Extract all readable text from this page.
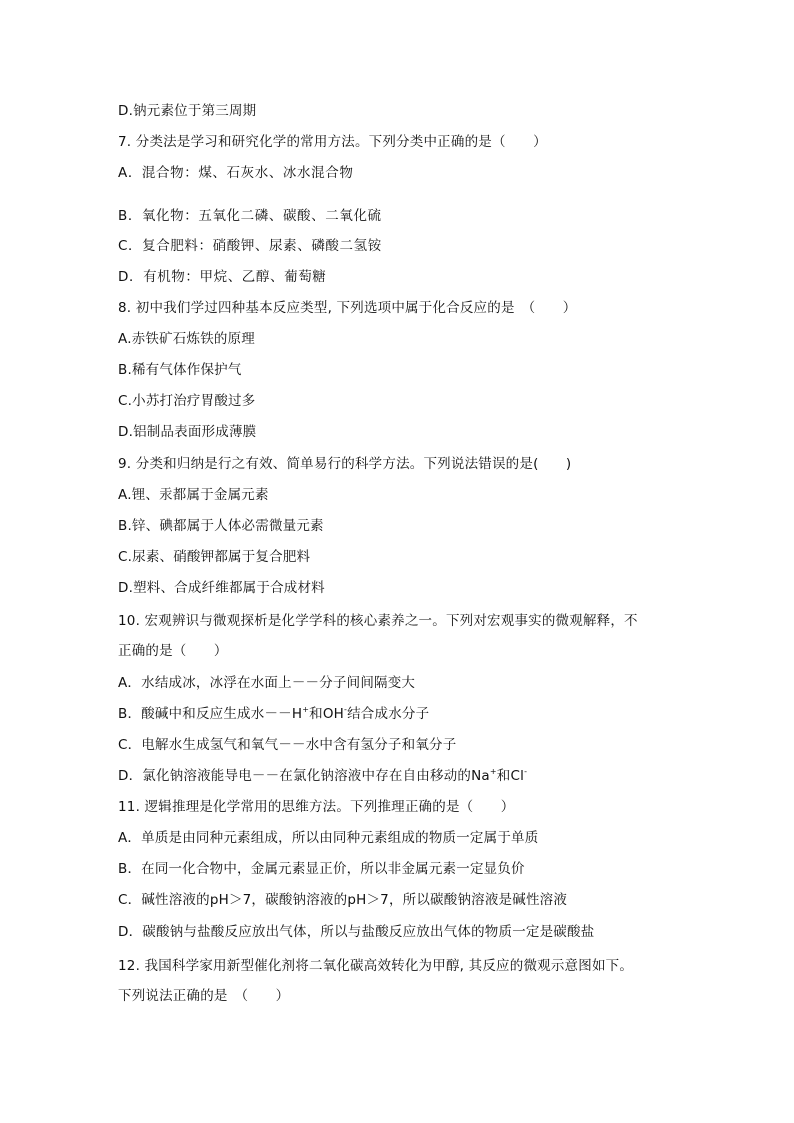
D.钠元素位于第三周期
7. 分类法是学习和研究化学的常用方法。下列分类中正确的是（　　）
A．混合物：煤、石灰水、冰水混合物
B．氧化物：五氧化二磷、碳酸、二氧化硫
C．复合肥料：硝酸钾、尿素、磷酸二氢铵
D．有机物：甲烷、乙醇、葡萄糖
8. 初中我们学过四种基本反应类型, 下列选项中属于化合反应的是　（　　）
A.赤铁矿石炼铁的原理
B.稀有气体作保护气
C.小苏打治疗胃酸过多
D.铝制品表面形成薄膜
9. 分类和归纳是行之有效、简单易行的科学方法。下列说法错误的是(　　)
A.锂、汞都属于金属元素
B.锌、碘都属于人体必需微量元素
C.尿素、硝酸钾都属于复合肥料
D.塑料、合成纤维都属于合成材料
10. 宏观辨识与微观探析是化学学科的核心素养之一。下列对宏观事实的微观解释，不
正确的是（　　）
A．水结成冰，冰浮在水面上－－分子间间隔变大
B．酸碱中和反应生成水－－H+和OH-结合成水分子
C．电解水生成氢气和氧气－－水中含有氢分子和氧分子
D．氯化钠溶液能导电－－在氯化钠溶液中存在自由移动的Na+和Cl-
11. 逻辑推理是化学常用的思维方法。下列推理正确的是（　　）
A．单质是由同种元素组成，所以由同种元素组成的物质一定属于单质
B．在同一化合物中，金属元素显正价，所以非金属元素一定显负价
C．碱性溶液的pH＞7，碳酸钠溶液的pH＞7，所以碳酸钠溶液是碱性溶液
D．碳酸钠与盐酸反应放出气体，所以与盐酸反应放出气体的物质一定是碳酸盐
12. 我国科学家用新型催化剂将二氧化碳高效转化为甲醇, 其反应的微观示意图如下。
下列说法正确的是　（　　）
